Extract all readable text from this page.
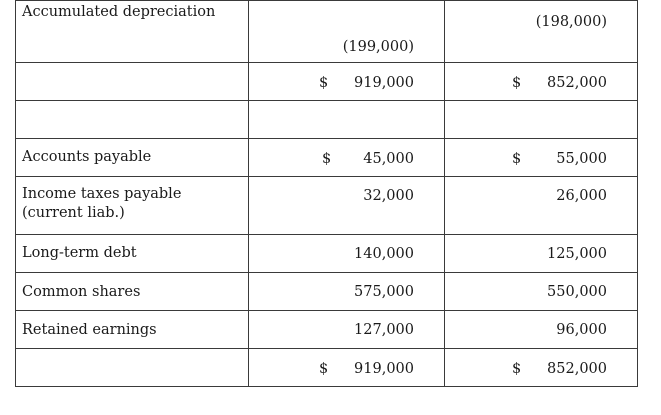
Accumulated depreciation	(199,000)	(198,000)

	$ 919,000	$ 852,000

Accounts payable	$ 45,000	$ 55,000

Income taxes payable (current liab.)	32,000	26,000

Long-term debt	140,000	125,000

Common shares	575,000	550,000

Retained earnings	127,000	96,000

	$ 919,000	$ 852,000
